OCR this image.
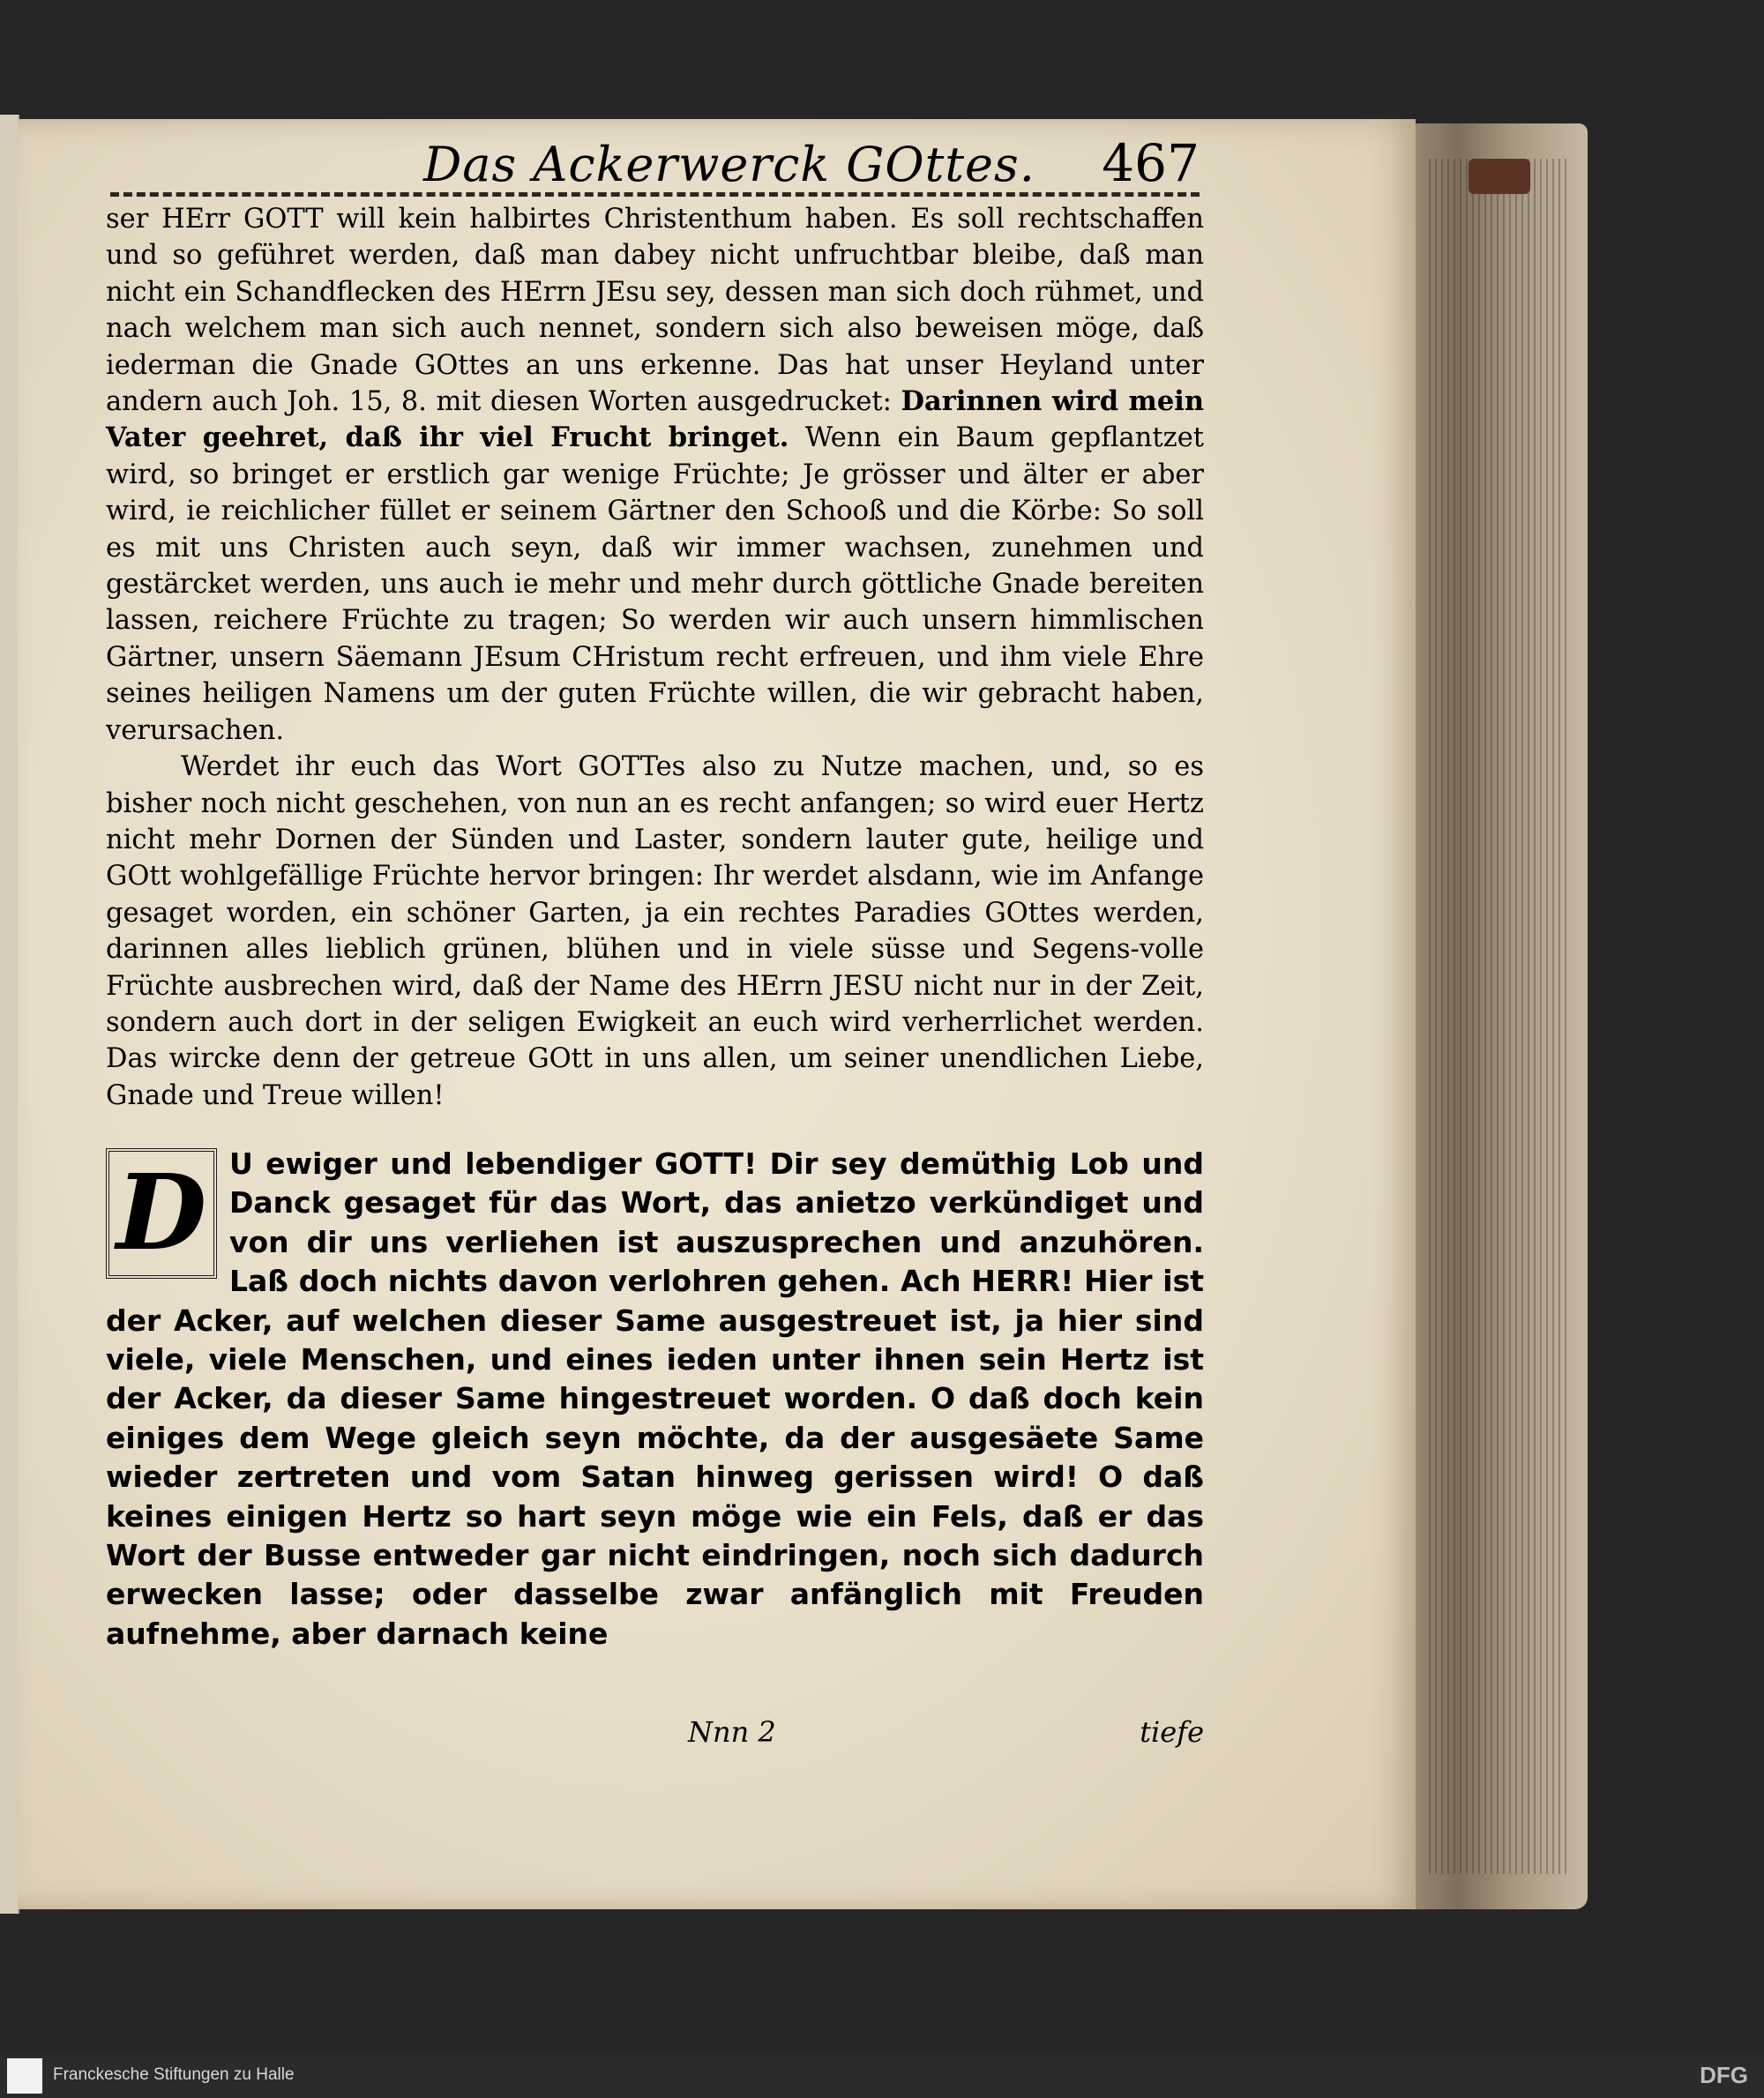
Das Ackerwerck GOttes. 467

ser HErr GOTT will kein halbirtes Christenthum haben. Es soll rechtschaffen und so geführet werden, daß man dabey nicht unfruchtbar bleibe, daß man nicht ein Schandflecken des HErrn JEsu sey, dessen man sich doch rühmet, und nach welchem man sich auch nennet, sondern sich also beweisen möge, daß iederman die Gnade GOttes an uns erkenne. Das hat unser Heyland unter andern auch Joh. 15, 8. mit diesen Worten ausgedrucket: Darinnen wird mein Vater geehret, daß ihr viel Frucht bringet. Wenn ein Baum gepflantzet wird, so bringet er erstlich gar wenige Früchte; Je grösser und älter er aber wird, ie reichlicher füllet er seinem Gärtner den Schooß und die Körbe: So soll es mit uns Christen auch seyn, daß wir immer wachsen, zunehmen und gestärcket werden, uns auch ie mehr und mehr durch göttliche Gnade bereiten lassen, reichere Früchte zu tragen; So werden wir auch unsern himmlischen Gärtner, unsern Säemann JEsum CHristum recht erfreuen, und ihm viele Ehre seines heiligen Namens um der guten Früchte willen, die wir gebracht haben, verursachen.

Werdet ihr euch das Wort GOTTes also zu Nutze machen, und, so es bisher noch nicht geschehen, von nun an es recht anfangen; so wird euer Hertz nicht mehr Dornen der Sünden und Laster, sondern lauter gute, heilige und GOtt wohlgefällige Früchte hervor bringen: Ihr werdet alsdann, wie im Anfange gesaget worden, ein schöner Garten, ja ein rechtes Paradies GOttes werden, darinnen alles lieblich grünen, blühen und in viele süsse und Segens-volle Früchte ausbrechen wird, daß der Name des HErrn JESU nicht nur in der Zeit, sondern auch dort in der seligen Ewigkeit an euch wird verherrlichet werden. Das wircke denn der getreue GOtt in uns allen, um seiner unendlichen Liebe, Gnade und Treue willen!

D U ewiger und lebendiger GOTT! Dir sey demüthig Lob und Danck gesaget für das Wort, das anietzo verkündiget und von dir uns verliehen ist auszusprechen und anzuhören. Laß doch nichts davon verlohren gehen. Ach HERR! Hier ist der Acker, auf welchen dieser Same ausgestreuet ist, ja hier sind viele, viele Menschen, und eines ieden unter ihnen sein Hertz ist der Acker, da dieser Same hingestreuet worden. O daß doch kein einiges dem Wege gleich seyn möchte, da der ausgesäete Same wieder zertreten und vom Satan hinweg gerissen wird! O daß keines einigen Hertz so hart seyn möge wie ein Fels, daß er das Wort der Busse entweder gar nicht eindringen, noch sich dadurch erwecken lasse; oder dasselbe zwar anfänglich mit Freuden aufnehme, aber darnach keine

Nnn 2	tiefe
Franckesche Stiftungen zu Halle	DFG
